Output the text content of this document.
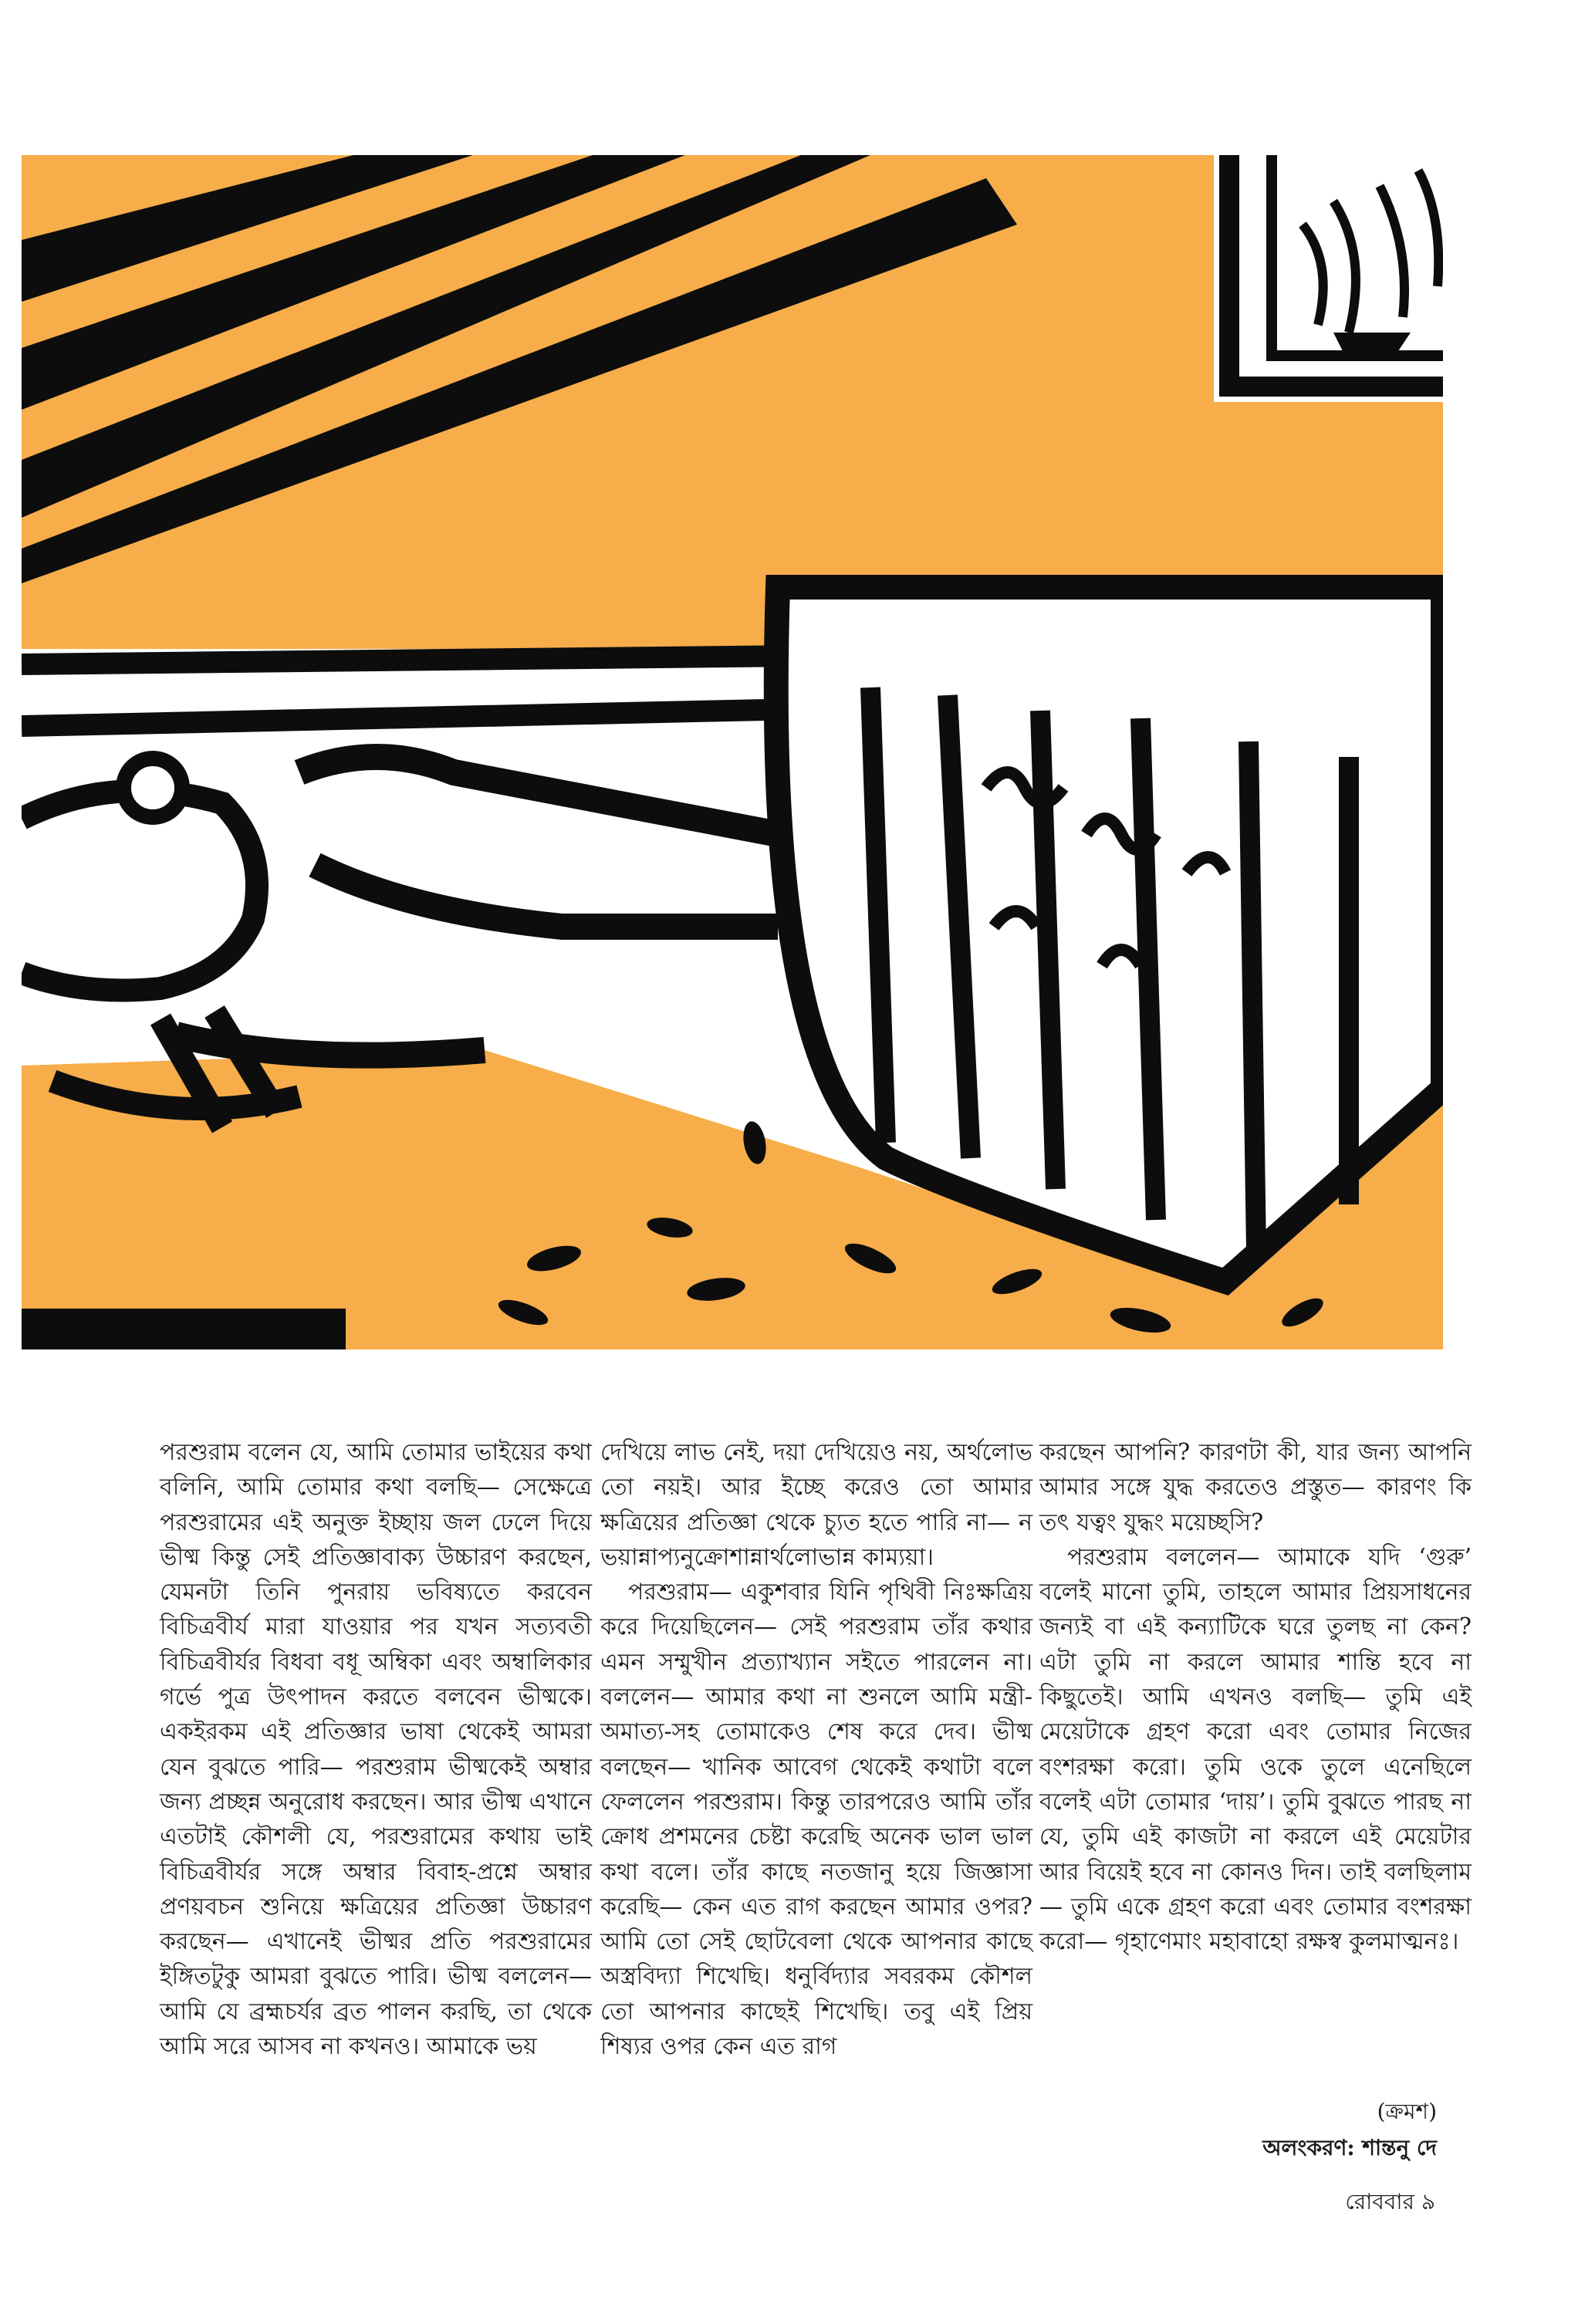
পরশুরাম বলেন যে, আমি তোমার ভাইয়ের কথা বলিনি, আমি তোমার কথা বলছি— সেক্ষেত্রে পরশুরামের এই অনুক্ত ইচ্ছায় জল ঢেলে দিয়ে ভীষ্ম কিন্তু সেই প্রতিজ্ঞাবাক্য উচ্চারণ করছেন, যেমনটা তিনি পুনরায় ভবিষ্যতে করবেন বিচিত্রবীর্য মারা যাওয়ার পর যখন সত্যবতী বিচিত্রবীর্যর বিধবা বধূ অম্বিকা এবং অম্বালিকার গর্ভে পুত্র উৎপাদন করতে বলবেন ভীষ্মকে। একইরকম এই প্রতিজ্ঞার ভাষা থেকেই আমরা যেন বুঝতে পারি— পরশুরাম ভীষ্মকেই অম্বার জন্য প্রচ্ছন্ন অনুরোধ করছেন। আর ভীষ্ম এখানে এতটাই কৌশলী যে, পরশুরামের কথায় ভাই বিচিত্রবীর্যর সঙ্গে অম্বার বিবাহ-প্রশ্নে অম্বার প্রণয়বচন শুনিয়ে ক্ষত্রিয়ের প্রতিজ্ঞা উচ্চারণ করছেন— এখানেই ভীষ্মর প্রতি পরশুরামের ইঙ্গিতটুকু আমরা বুঝতে পারি। ভীষ্ম বললেন— আমি যে ব্রহ্মচর্যর ব্রত পালন করছি, তা থেকে আমি সরে আসব না কখনও। আমাকে ভয়

দেখিয়ে লাভ নেই, দয়া দেখিয়েও নয়, অর্থলোভ তো নয়ই। আর ইচ্ছে করেও তো আমার ক্ষত্রিয়ের প্রতিজ্ঞা থেকে চ্যুত হতে পারি না— ন ভয়ান্নাপ্যনুক্রোশান্নার্থলোভান্ন কাম্যয়া।

পরশুরাম— একুশবার যিনি পৃথিবী নিঃক্ষত্রিয় করে দিয়েছিলেন— সেই পরশুরাম তাঁর কথার এমন সম্মুখীন প্রত্যাখ্যান সইতে পারলেন না। বললেন— আমার কথা না শুনলে আমি মন্ত্রী-অমাত্য-সহ তোমাকেও শেষ করে দেব। ভীষ্ম বলছেন— খানিক আবেগ থেকেই কথাটা বলে ফেললেন পরশুরাম। কিন্তু তারপরেও আমি তাঁর ক্রোধ প্রশমনের চেষ্টা করেছি অনেক ভাল ভাল কথা বলে। তাঁর কাছে নতজানু হয়ে জিজ্ঞাসা করেছি— কেন এত রাগ করছেন আমার ওপর? আমি তো সেই ছোটবেলা থেকে আপনার কাছে অস্ত্রবিদ্যা শিখেছি। ধনুর্বিদ্যার সবরকম কৌশল তো আপনার কাছেই শিখেছি। তবু এই প্রিয় শিষ্যর ওপর কেন এত রাগ

করছেন আপনি? কারণটা কী, যার জন্য আপনি আমার সঙ্গে যুদ্ধ করতেও প্রস্তুত— কারণং কি তৎ যত্বং যুদ্ধং ময়েচ্ছসি?

পরশুরাম বললেন— আমাকে যদি ‘গুরু’ বলেই মানো তুমি, তাহলে আমার প্রিয়সাধনের জন্যই বা এই কন্যাটিকে ঘরে তুলছ না কেন? এটা তুমি না করলে আমার শান্তি হবে না কিছুতেই। আমি এখনও বলছি— তুমি এই মেয়েটাকে গ্রহণ করো এবং তোমার নিজের বংশরক্ষা করো। তুমি ওকে তুলে এনেছিলে বলেই এটা তোমার ‘দায়’। তুমি বুঝতে পারছ না যে, তুমি এই কাজটা না করলে এই মেয়েটার আর বিয়েই হবে না কোনও দিন। তাই বলছিলাম— তুমি একে গ্রহণ করো এবং তোমার বংশরক্ষা করো— গৃহাণেমাং মহাবাহো রক্ষস্ব কুলমাত্মনঃ।

(ক্রমশ)
অলংকরণ: শান্তনু দে
রোববার ৯
